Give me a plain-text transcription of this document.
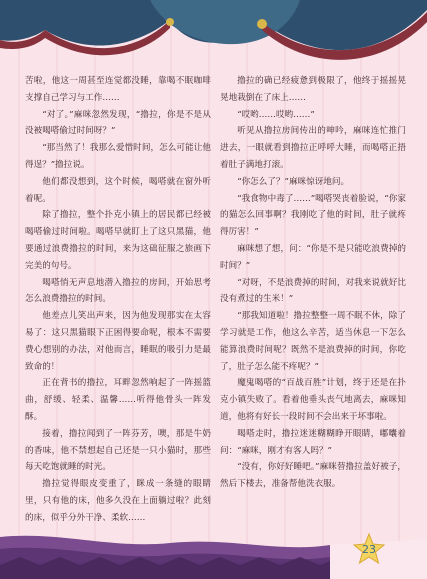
苦啦，他这一周甚至连觉都没睡，靠喝不眠咖啡支撑自己学习与工作……

“对了。”麻咪忽然发现，“撸拉，你是不是从没被喝嗒偷过时间呀？”

“那当然了！我那么爱惜时间，怎么可能让他得逞？”撸拉说。

他们都没想到，这个时候，喝嗒就在窗外听着呢。

除了撸拉，整个扑克小镇上的居民都已经被喝嗒偷过时间啦。喝嗒早就盯上了这只黑猫，他要通过浪费撸拉的时间，来为这础征服之旅画下完美的句号。

喝嗒悄无声息地潜入撸拉的房间，开始思考怎么浪费撸拉的时间。

他差点儿笑出声来，因为他发现那实在太容易了：这只黑猫眼下正困得要命呢，根本不需要费心想别的办法，对他而言，睡眠的吸引力是最致命的！

正在背书的撸拉，耳畔忽然响起了一阵摇篮曲，舒缓、轻柔、温馨……听得他骨头一阵发酥。

接着，撸拉闻到了一阵芬芳，噢，那是牛奶的香味，他不禁想起自己还是一只小猫时，那些每天吃饱就睡的时光。

撸拉觉得眼皮变重了，眯成一条缝的眼睛里，只有他的床，他多久没在上面躺过啦？此刻的床，似乎分外干净、柔软……

撸拉的确已经疲惫到极限了，他终于摇摇晃晃地栽倒在了床上……

“哎哟……哎哟……”

听见从撸拉房间传出的呻吟，麻咪连忙推门进去，一眼就看到撸拉正呼呼大睡，而喝嗒正捂着肚子满地打滚。

“你怎么了？”麻咪惊讶地问。

“我食物中毒了……”喝嗒哭丧着脸说，“你家的猫怎么回事啊？我刚吃了他的时间，肚子就疼得厉害！”

麻咪想了想，问：“你是不是只能吃浪费掉的时间？”

“对呀，不是浪费掉的时间，对我来说就好比没有煮过的生米！”

“那我知道啦！撸拉整整一周不眠不休，除了学习就是工作，他这么辛苦，适当休息一下怎么能算浪费时间呢？既然不是浪费掉的时间，你吃了，肚子怎么能不疼呢？”

魔鬼喝嗒的“百战百胜”计划，终于还是在扑克小镇失败了。看着他垂头丧气地离去，麻咪知道，他将有好长一段时间不会出来干坏事啦。

喝嗒走时，撸拉迷迷糊糊睁开眼睛，嘟囔着问：“麻咪，刚才有客人吗？”

“没有，你好好睡吧。”麻咪替撸拉盖好被子，然后下楼去，准备帮他洗衣服。

23
